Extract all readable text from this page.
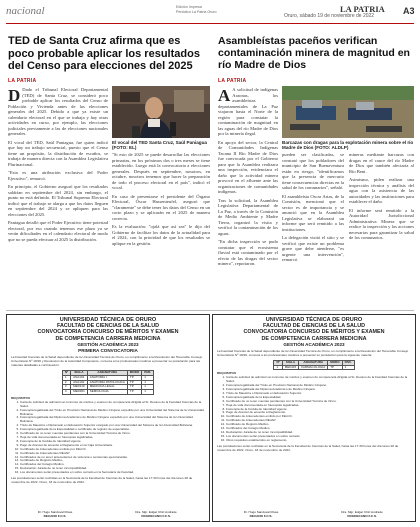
nacional	Edición Impresa
Periódico La Patria Oruro	LA PATRIA
Oruro, sábado 19 de noviembre de 2022	A3
TED de Santa Cruz afirma que es poco probable aplicar los resultados del Censo para elecciones del 2025
LA PATRIA

D Dado el Tribunal Electoral Departamental (TED) de Santa Cruz, se consideró poco probable aplicar los resultados del Censo de Población y Vivienda antes de las elecciones generales del 2025. Debido a que ya existe un calendario electoral en el que se trabaja y hay otras actividades en curso, por ejemplo, las elecciones judiciales previamente a las de elecciones nacionales generales.

El vocal del TED, Saúl Paniagua, fue quien indicó que hay un trabajo secuencial, puesto que el Censo tiene un propósito, la distribución de escaños, se trabaja de manera directa con la Asamblea Legislativa Plurinacional.

"Esta es una atribución exclusiva del Poder Ejecutivo", remarcó.

En principio, el Gobierno aseguró que los resultados saldrían en septiembre del 2024, sin embargo, el punto no está definido. El Tribunal Supremo Electoral indicó que el trabajo se alarga a que los datos lleguen en septiembre del 2024 y se apliquen para las elecciones del 2025.

Paniagua detalló que el Poder Ejecutivo tiene potestad electoral, por eso cuando tenemos ese plazo ya se verán dificultades en el calendario electoral de modo que no se pueda efectuar al 2025 la distribución.

El vocal del TED Santa Cruz, Saúl Paniagua (FOTO: EL)

"Si esto de 2025 se puede desarrollar las elecciones primarias, en los próximos dos o tres meses se tiene establecido. Luego está la convocatoria a elecciones generales. Después en septiembre, nosotros, en octubre, nosotros tenemos que hacer la preparación de todo el proceso electoral en el país", indicó el vocal.

En caso de presentarse el presidente del Órgano Electoral, Óscar Hassenteufel, aseguró que "claramente" se debe tener los datos del Censo en un corto plazo y se aplicarán en el 2025 de manera correcta.

Es la evaluación: "ojalá que así sea" le dijo del Gobierno de facilitar los datos de la actualidad para el 2024, con la prioridad de que los resultados se aplique en la gestión.

Asambleístas paceños verifican contaminación minera de magnitud en río Madre de Dios
LA PATRIA

A A solicitud de indígenas Araonas, los asambleístas departamentales de La Paz viajaron hasta el Norte de la región para constatar la contaminación de magnitud en las aguas del río Madre de Dios por la minería ilegal.

En apoyo del sector, la Central de Comunidades Indígenas Tacana II Río Madre de Dios fue convocada por el Gobierno para que la Asamblea realizara una inspección, evidenciara el daño que la actividad minera provocó en el afluente ante las organizaciones de comunidades indígenas.

Tras la solicitud, la Asamblea Legislativa Departamental de La Paz, a través de la Comisión de Medio Ambiente y Madre Tierra, organizó la visita y verificó la contaminación de los aguas.

"En dicha inspección se pudo constatar que el ecosistema fluvial está contaminado por el efecto de las dragas del sector minero", reportaron.

Barcazas con dragas para la explotación minera sobre el río Madre de Dios (FOTO: ALDLP)

pueden ser clasificadas, se constató que los pobladores del municipio de San Buenaventura están en riesgo, "identificamos que la presencia de mercurio tiene consecuencias directas en la salud de los comunarios", señaló.

El asambleísta Oscar Arias, de la Comisión, mencionó que el sector es de importancia y se anunció que en la Asamblea Legislativa se elaborará un informe que será remitido a las instituciones.

La delegación visitó el sitio y se verificó que existe un problema grave que debe atenderse, "es urgente una intervención", remarcó.

mineras mediante barcazas con dragas en el cauce del río Madre de Dios que también afectaría al Río Beni.

Asimismo, piden realizar una inspección técnica y análisis del agua con la asistencia de las autoridades y las instituciones para establecer el daño.

El informe será remitido a la Autoridad Jurisdiccional Administrativa Minera que se realice la inspección y las acciones necesarias para garantizar la salud de los comunarios.

UNIVERSIDAD TÉCNICA DE ORURO
FACULTAD DE CIENCIAS DE LA SALUD
CONVOCATORIA CONCURSO DE MÉRITOS Y EXAMEN
DE COMPETENCIA CARRERA MEDICINA
GESTIÓN ACADÉMICA 2023
PRIMERA CONVOCATORIA
La Facultad Ciencias de la Salud dependiente de la Universidad Técnica de Oruro, en cumplimiento a la Resolución del Honorable Consejo Universitario Nº 18/20 y Resolución de la Autoridad Competente, convoca a los profesionales médicos a presentar su postulación para las materias detalladas a continuación:
Nº	SIGLA	ASIGNATURA	MODO	PAR.
1	ANA101	ANATOMÍA I	TP	1
2	ANA102	ANATOMÍA PATOLÓGICA	TP	1
3	MED110	MEDICINA LEGAL	TP	1
4	MED301	SEMIOLOGÍA	TP	1
REQUISITOS
1. Carta de solicitud de admisión al concurso de méritos y examen de competencia dirigida al Sr. Decano de la Facultad Ciencias de la Salud.
2. Fotocopia legalizada del Título en Provisión Nacional de Médico Cirujano expedido por una Universidad del Sistema de la Universidad Boliviana.
3. Fotocopia legalizada del Diploma Académico de Médico Cirujano expedido por una Universidad del Sistema de la Universidad Boliviana.
4. Título de Maestría o Diplomado en Educación Superior otorgado por una Universidad del Sistema de la Universidad Boliviana.
5. Fotocopia legalizada de la Especialidad o certificado de registro de especialista.
6. Certificado de no tener cuentas pendientes con la Universidad Técnica de Oruro.
7. Hoja de vida documentada en fotocopias legalizadas.
8. Fotocopia de la Cédula de Identidad vigente.
9. Pago de Arancel de acuerdo a Reglamento en la Caja Universitaria.
10. Certificado de Antecedentes emitido por FELCC.
11. Certificado de Antecedentes REJAP.
12. Certificados de no tener antecedentes de violencia o sentencias ejecutoriadas.
13. Certificado de Registro Médico.
14. Certificados del Colegio Médico.
15. Declaración Jurada de no tener incompatibilidad.
16. Los documentos serán presentados en sobre cerrado en la Secretaría de Facultad.
Las postulaciones serán recibidas en la Secretaría de la Facultad de Ciencias de la Salud, hasta las 17:30 horas del día lunes 28 de noviembre de 2022. Oruro, 18 de noviembre de 2022.
Dr. Hugo Sandoval Rivas
DECANO F.C.S.
Dra. Mgr. Edgar Chiri Andrade
VICEDECANO F.C.S.
UNIVERSIDAD TÉCNICA DE ORURO
FACULTAD DE CIENCIAS DE LA SALUD
CONVOCATORIA CONCURSO DE MÉRITOS Y EXAMEN
DE COMPETENCIA CARRERA MEDICINA
GESTIÓN ACADÉMICA 2023
La Facultad Ciencias de la Salud dependiente de la Universidad Técnica de Oruro, en cumplimiento a la Resolución del Honorable Consejo Universitario Nº 18/20, convoca a los profesionales médicos a presentar su postulación para la siguiente materia:
Nº	SIGLA	ASIGNATURA	MODO	PAR.
1	MED115	FARMACOLOGÍA	TP	1
REQUISITOS
1. Carta de solicitud de admisión al concurso de méritos y examen de competencia dirigida al Sr. Decano de la Facultad Ciencias de la Salud.
2. Fotocopia legalizada del Título en Provisión Nacional de Médico Cirujano.
3. Fotocopia legalizada del Diploma Académico de Médico Cirujano.
4. Título de Maestría o Diplomado en Educación Superior.
5. Fotocopia legalizada de la Especialidad.
6. Certificado de no tener cuentas pendientes con la Universidad Técnica de Oruro.
7. Hoja de vida documentada en fotocopias legalizadas.
8. Fotocopia de la Cédula de Identidad vigente.
9. Pago de Arancel de acuerdo a Reglamento.
10. Certificado de Antecedentes emitido por FELCC.
11. Certificado de Antecedentes REJAP.
12. Certificado de Registro Médico.
13. Certificados del Colegio Médico.
14. Declaración Jurada de no tener incompatibilidad.
15. Los documentos serán presentados en sobre cerrado.
16. Otros requisitos establecidos en reglamento.
Las postulaciones serán recibidas en la Secretaría de la Facultad de Ciencias de la Salud, hasta las 17:30 horas del día lunes 28 de noviembre de 2022. Oruro, 18 de noviembre de 2022.
Dr. Hugo Sandoval Rivas
DECANO F.C.S.
Dra. Mgr. Edgar Chiri Andrade
VICEDECANO F.C.S.
